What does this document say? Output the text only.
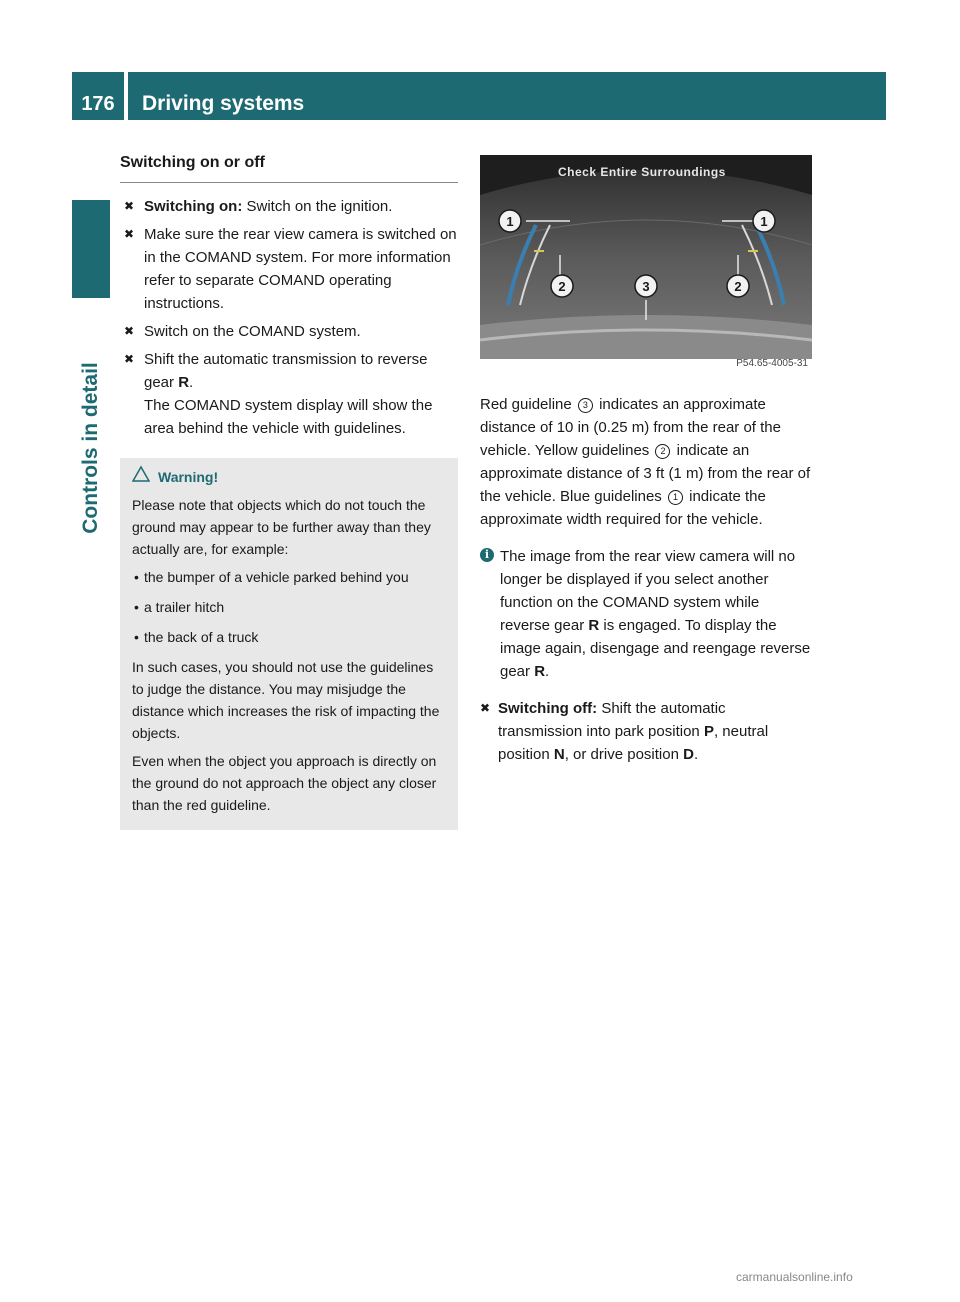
176	Driving systems
Controls in detail
Switching on or off
✖ Switching on: Switch on the ignition.
✖ Make sure the rear view camera is switched on in the COMAND system. For more information refer to separate COMAND operating instructions.
✖ Switch on the COMAND system.
✖ Shift the automatic transmission to reverse gear R.
The COMAND system display will show the area behind the vehicle with guidelines.
Warning!

Please note that objects which do not touch the ground may appear to be further away than they actually are, for example:

• the bumper of a vehicle parked behind you
• a trailer hitch
• the back of a truck

In such cases, you should not use the guidelines to judge the distance. You may misjudge the distance which increases the risk of impacting the objects.

Even when the object you approach is directly on the ground do not approach the object any closer than the red guideline.

1	1
2	3	2
Check Entire Surroundings
P54.65-4005-31
Red guideline 3 indicates an approximate distance of 10 in (0.25 m) from the rear of the vehicle. Yellow guidelines 2 indicate an approximate distance of 3 ft (1 m) from the rear of the vehicle. Blue guidelines 1 indicate the approximate width required for the vehicle.
i The image from the rear view camera will no longer be displayed if you select another function on the COMAND system while reverse gear R is engaged. To display the image again, disengage and reengage reverse gear R.
✖ Switching off: Shift the automatic transmission into park position P, neutral position N, or drive position D.
carmanualsonline.info
